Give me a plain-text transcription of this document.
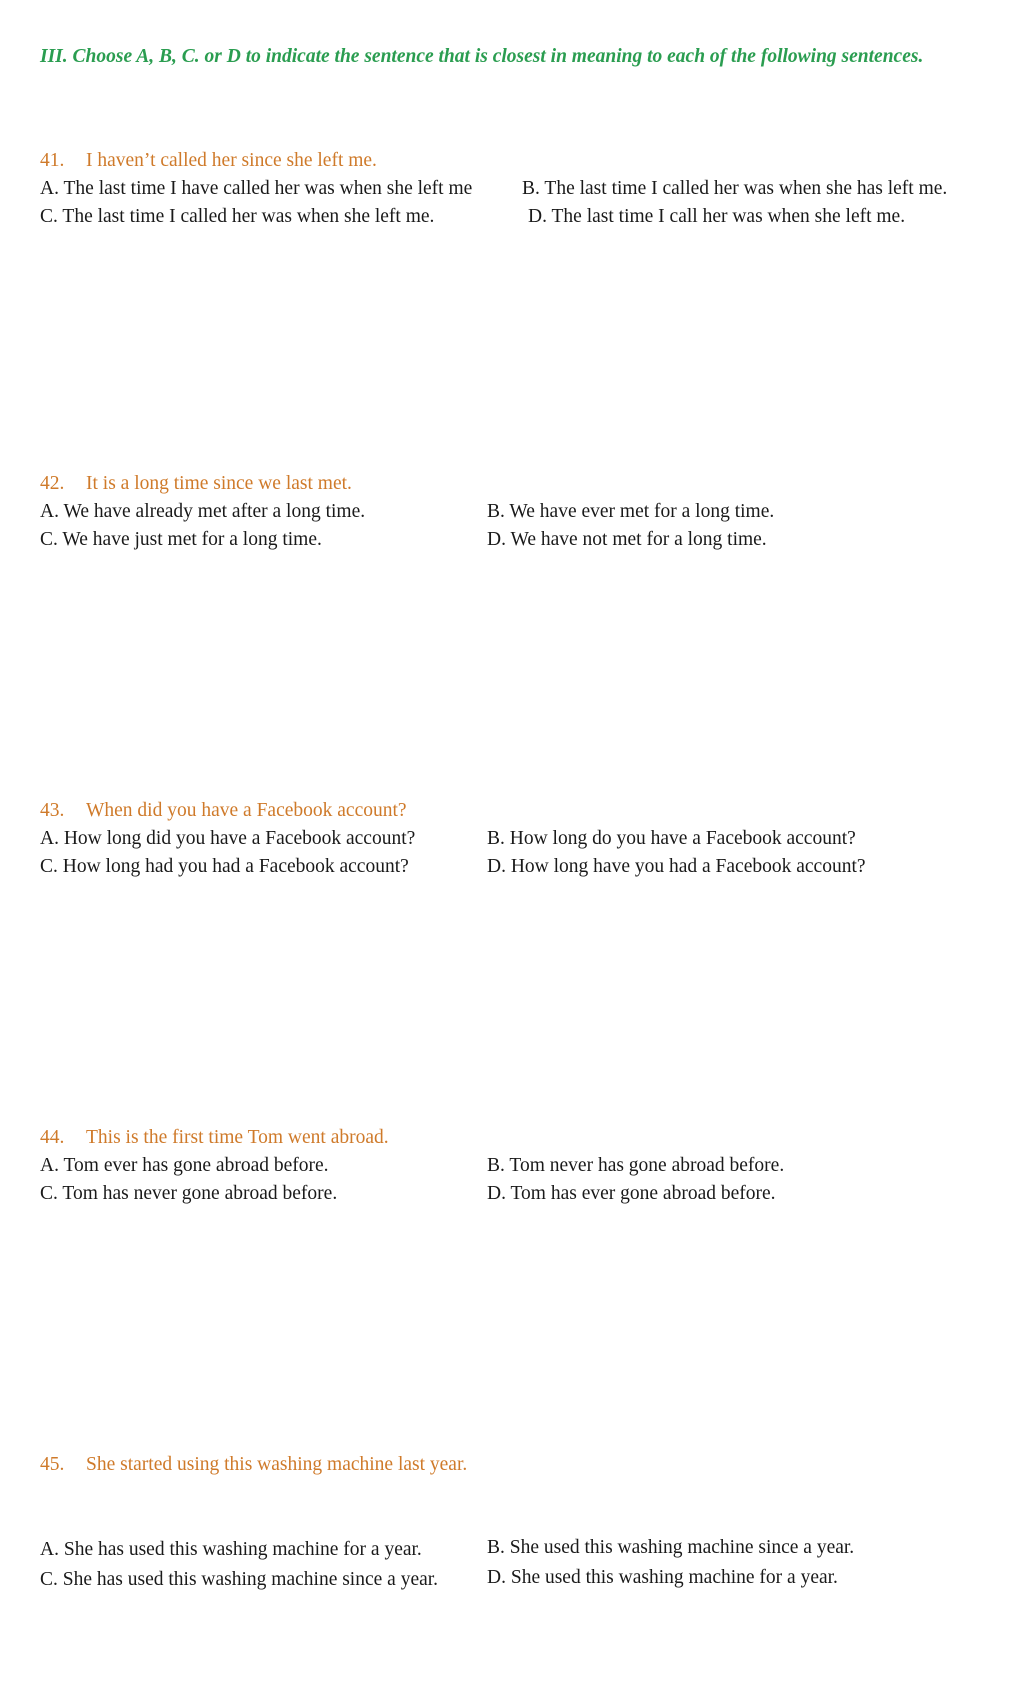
III. Choose A, B, C. or D to indicate the sentence that is closest in meaning to each of the following sentences.
41. I haven’t called her since she left me.
A. The last time I have called her was when she left me	B. The last time I called her was when she has left me.
C. The last time I called her was when she left me.	D. The last time I call her was when she left me.
42. It is a long time since we last met.
A. We have already met after a long time.	B. We have ever met for a long time.
C. We have just met for a long time.	D. We have not met for a long time.
43. When did you have a Facebook account?
A. How long did you have a Facebook account?	B. How long do you have a Facebook account?
C. How long had you had a Facebook account?	D. How long have you had a Facebook account?
44. This is the first time Tom went abroad.
A. Tom ever has gone abroad before.	B. Tom never has gone abroad before.
C. Tom has never gone abroad before.	D. Tom has ever gone abroad before.
45. She started using this washing machine last year.
A. She has used this washing machine for a year.	B. She used this washing machine since a year.
C. She has used this washing machine since a year.	D. She used this washing machine for a year.
